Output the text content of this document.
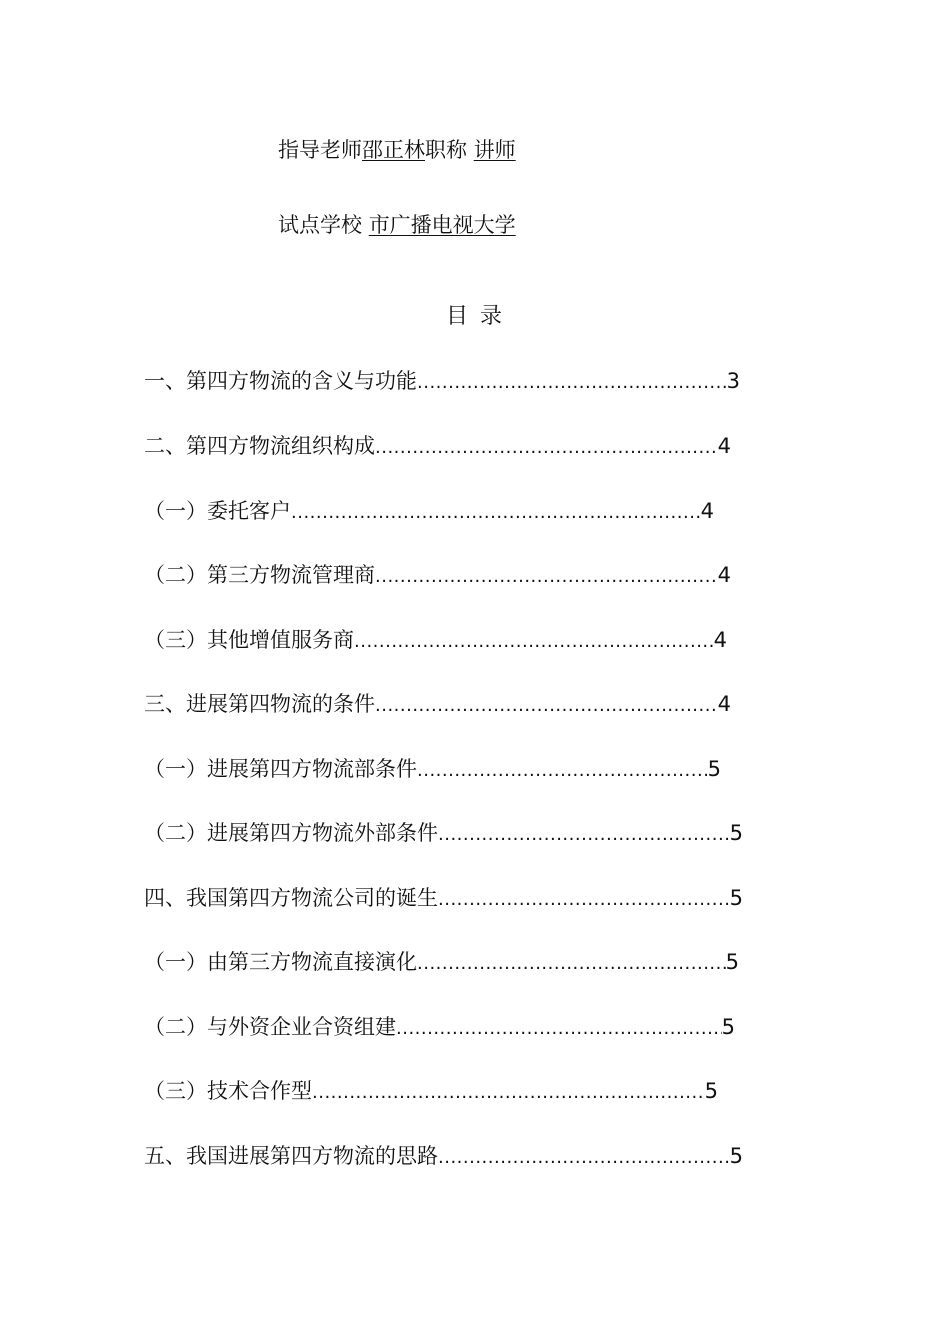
指导老师邵正林职称 讲师
试点学校 市广播电视大学
目录
一、第四方物流的含义与功能 .....	3
二、第四方物流组织构成 .....	4
（一）委托客户 .....	4
（二）第三方物流管理商 .....	4
（三）其他增值服务商 .....	4
三、进展第四物流的条件 .....	4
（一）进展第四方物流部条件 .....	5
（二）进展第四方物流外部条件 .....	5
四、我国第四方物流公司的诞生 .....	5
（一）由第三方物流直接演化 .....	5
（二）与外资企业合资组建 .....	5
（三）技术合作型 .....	5
五、我国进展第四方物流的思路 .....	5
